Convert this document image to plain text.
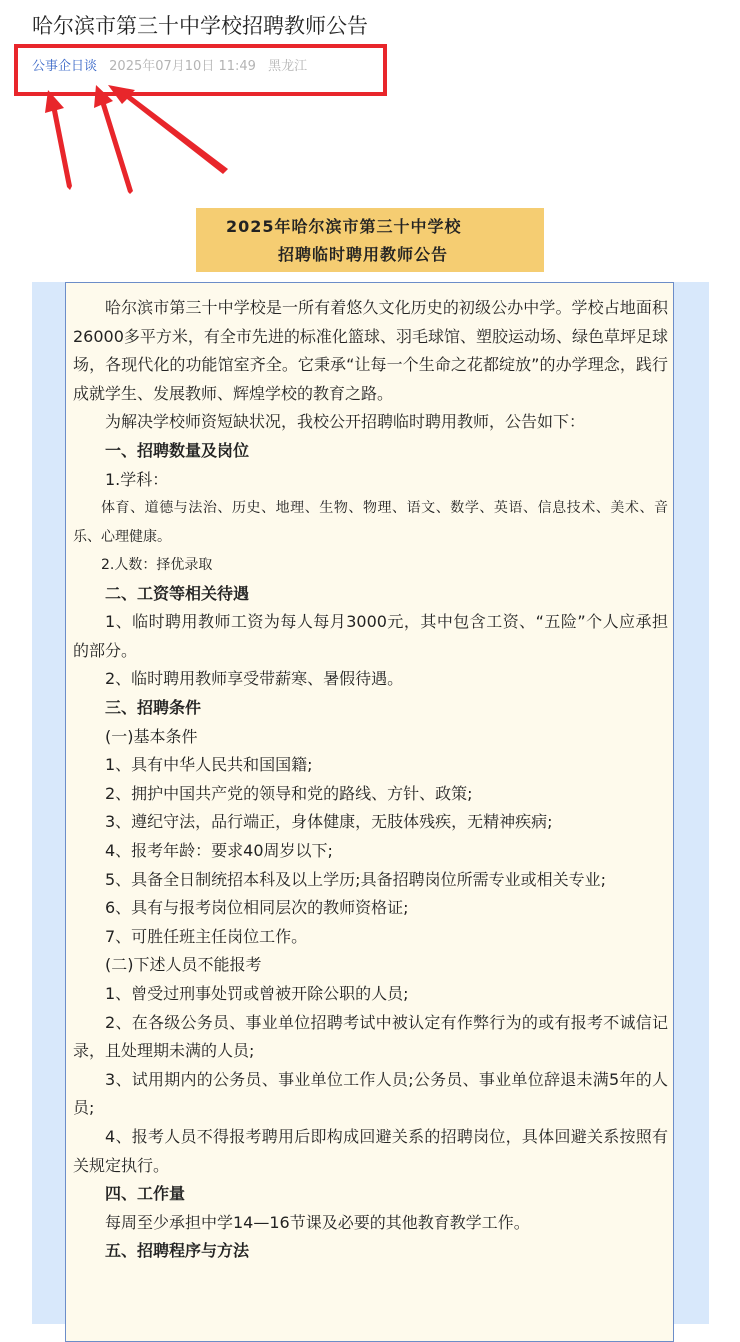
哈尔滨市第三十中学校招聘教师公告
公事企日谈 2025年07月10日 11:49 黑龙江
2025年哈尔滨市第三十中学校
招聘临时聘用教师公告

哈尔滨市第三十中学校是一所有着悠久文化历史的初级公办中学。学校占地面积26000多平方米，有全市先进的标准化篮球、羽毛球馆、塑胶运动场、绿色草坪足球场，各现代化的功能馆室齐全。它秉承“让每一个生命之花都绽放”的办学理念，践行成就学生、发展教师、辉煌学校的教育之路。

为解决学校师资短缺状况，我校公开招聘临时聘用教师，公告如下：

一、招聘数量及岗位

1.学科：

体育、道德与法治、历史、地理、生物、物理、语文、数学、英语、信息技术、美术、音乐、心理健康。

2.人数：择优录取

二、工资等相关待遇

1、临时聘用教师工资为每人每月3000元，其中包含工资、“五险”个人应承担的部分。

2、临时聘用教师享受带薪寒、暑假待遇。

三、招聘条件

(一)基本条件

1、具有中华人民共和国国籍;

2、拥护中国共产党的领导和党的路线、方针、政策;

3、遵纪守法，品行端正，身体健康，无肢体残疾，无精神疾病;

4、报考年龄：要求40周岁以下;

5、具备全日制统招本科及以上学历;具备招聘岗位所需专业或相关专业;

6、具有与报考岗位相同层次的教师资格证;

7、可胜任班主任岗位工作。

(二)下述人员不能报考

1、曾受过刑事处罚或曾被开除公职的人员;

2、在各级公务员、事业单位招聘考试中被认定有作弊行为的或有报考不诚信记录，且处理期未满的人员;

3、试用期内的公务员、事业单位工作人员;公务员、事业单位辞退未满5年的人员;

4、报考人员不得报考聘用后即构成回避关系的招聘岗位，具体回避关系按照有关规定执行。

四、工作量

每周至少承担中学14—16节课及必要的其他教育教学工作。

五、招聘程序与方法
